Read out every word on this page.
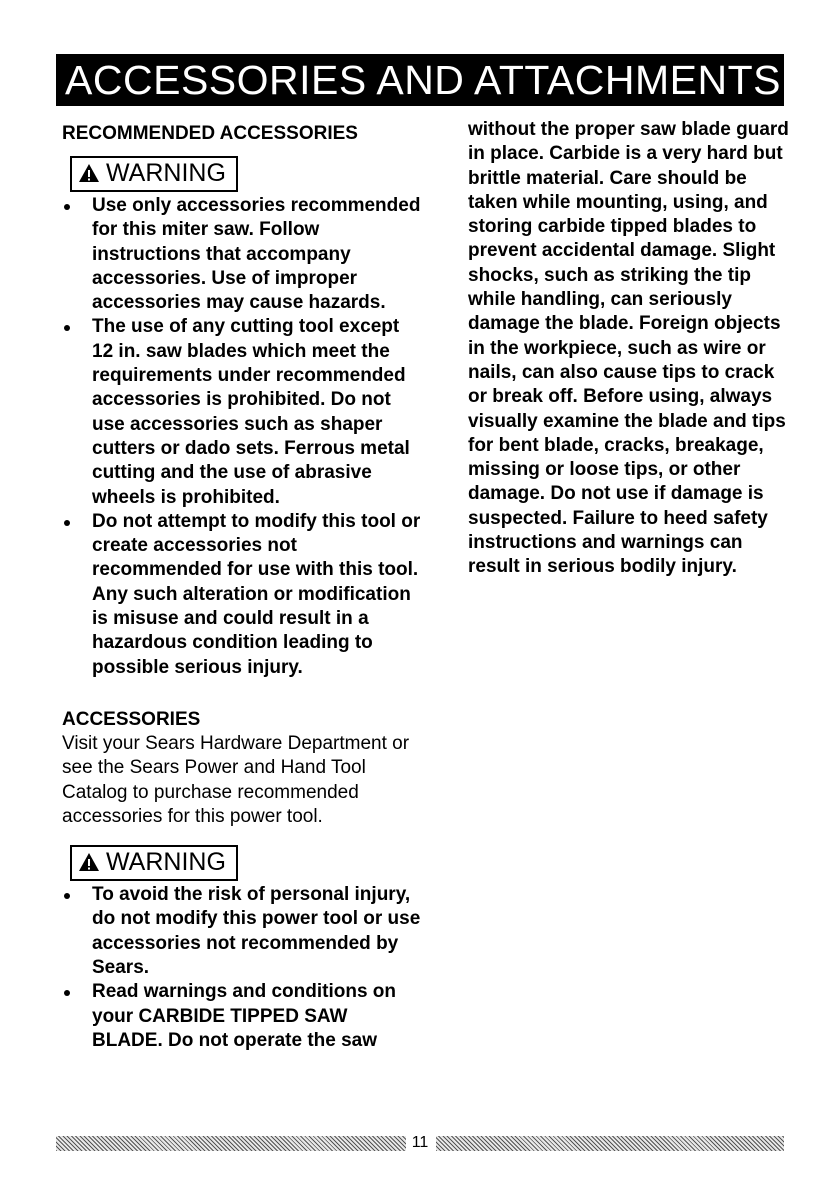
ACCESSORIES AND ATTACHMENTS

RECOMMENDED ACCESSORIES

WARNING
Use only accessories recommended for this miter saw. Follow instructions that accompany accessories. Use of improper accessories may cause hazards.
The use of any cutting tool except 12 in. saw blades which meet the requirements under recommended accessories is prohibited. Do not use accessories such as shaper cutters or dado sets. Ferrous metal cutting and the use of abrasive wheels is prohibited.
Do not attempt to modify this tool or create accessories not recommended for use with this tool. Any such alteration or modification is misuse and could result in a hazardous condition leading to possible serious injury.

ACCESSORIES

Visit your Sears Hardware Department or see the Sears Power and Hand Tool Catalog to purchase recommended accessories for this power tool.

WARNING
To avoid the risk of personal injury, do not modify this power tool or use accessories not recommended by Sears.
Read warnings and conditions on your CARBIDE TIPPED SAW BLADE. Do not operate the saw

without the proper saw blade guard in place. Carbide is a very hard but brittle material. Care should be taken while mounting, using, and storing carbide tipped blades to prevent accidental damage. Slight shocks, such as striking the tip while handling, can seriously damage the blade. Foreign objects in the workpiece, such as wire or nails, can also cause tips to crack or break off. Before using, always visually examine the blade and tips for bent blade, cracks, breakage, missing or loose tips, or other damage. Do not use if damage is suspected. Failure to heed safety instructions and warnings can result in serious bodily injury.

11
